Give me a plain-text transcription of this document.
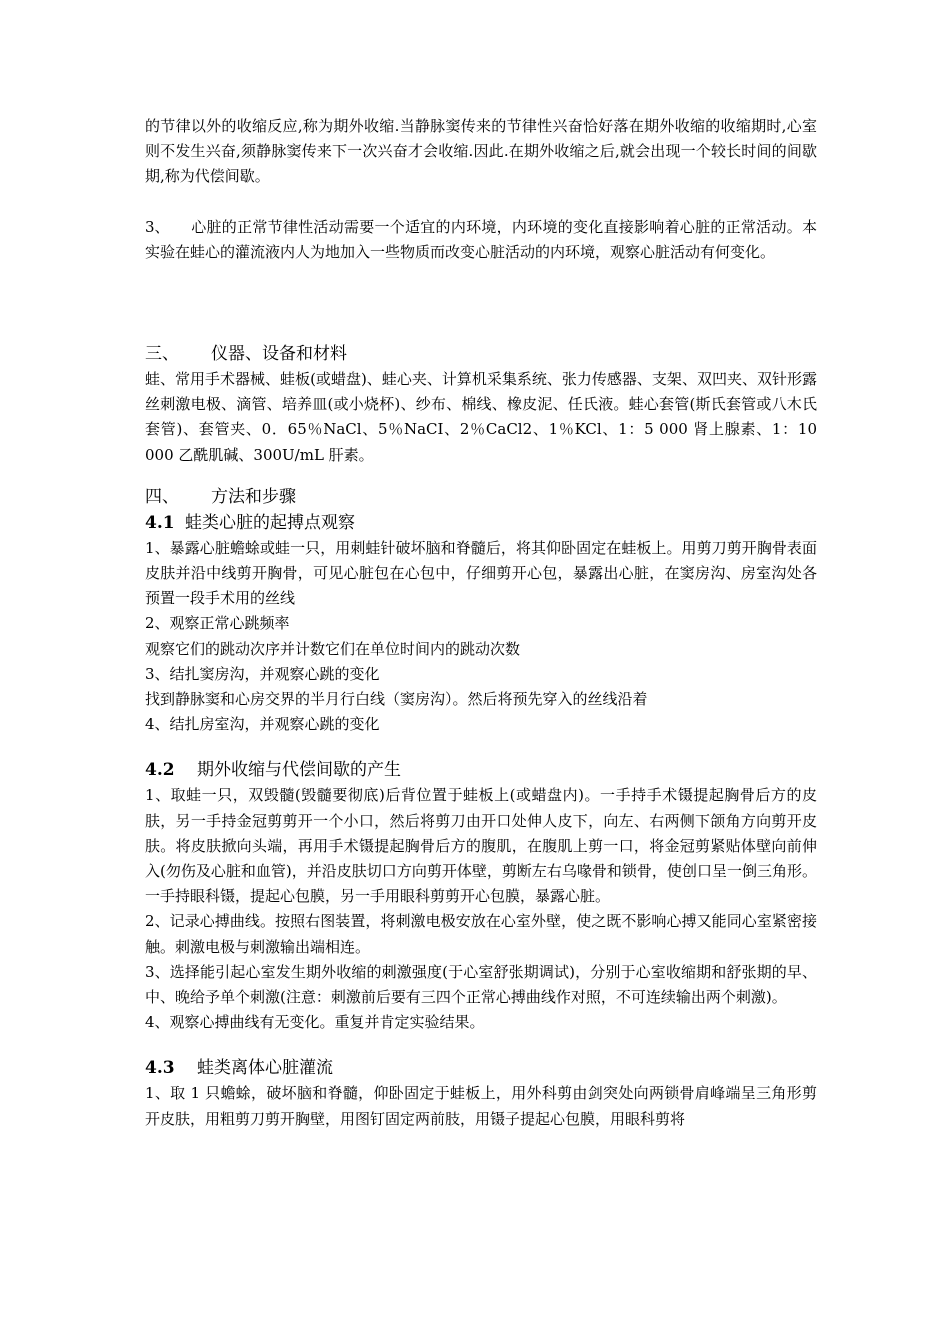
的节律以外的收缩反应,称为期外收缩.当静脉窦传来的节律性兴奋恰好落在期外收缩的收缩期时,心室则不发生兴奋,须静脉窦传来下一次兴奋才会收缩.因此.在期外收缩之后,就会出现一个较长时间的间歇期,称为代偿间歇。

3、 心脏的正常节律性活动需要一个适宜的内环境，内环境的变化直接影响着心脏的正常活动。本实验在蛙心的灌流液内人为地加入一些物质而改变心脏活动的内环境，观察心脏活动有何变化。

三、 仪器、设备和材料

蛙、常用手术器械、蛙板(或蜡盘)、蛙心夹、计算机采集系统、张力传感器、支架、双凹夹、双针形露丝刺激电极、滴管、培养皿(或小烧杯)、纱布、棉线、橡皮泥、任氏液。蛙心套管(斯氏套管或八木氏套管)、套管夹、0．65％NaCl、5％NaCI、2％CaCl2、1％KCl、1：5 000 肾上腺素、1：10 000 乙酰肌碱、300U/mL 肝素。

四、 方法和步骤

4.1 蛙类心脏的起搏点观察

1、暴露心脏蟾蜍或蛙一只，用刺蛙针破坏脑和脊髓后，将其仰卧固定在蛙板上。用剪刀剪开胸骨表面皮肤并沿中线剪开胸骨，可见心脏包在心包中，仔细剪开心包，暴露出心脏，在窦房沟、房室沟处各预置一段手术用的丝线

2、观察正常心跳频率

观察它们的跳动次序并计数它们在单位时间内的跳动次数

3、结扎窦房沟，并观察心跳的变化

找到静脉窦和心房交界的半月行白线（窦房沟）。然后将预先穿入的丝线沿着

4、结扎房室沟，并观察心跳的变化

4.2 期外收缩与代偿间歇的产生

1、取蛙一只，双毁髓(毁髓要彻底)后背位置于蛙板上(或蜡盘内)。一手持手术镊提起胸骨后方的皮肤，另一手持金冠剪剪开一个小口，然后将剪刀由开口处伸人皮下，向左、右两侧下颌角方向剪开皮肤。将皮肤掀向头端，再用手术镊提起胸骨后方的腹肌，在腹肌上剪一口，将金冠剪紧贴体壁向前伸入(勿伤及心脏和血管)，并沿皮肤切口方向剪开体壁，剪断左右乌喙骨和锁骨，使创口呈一倒三角形。一手持眼科镊，提起心包膜，另一手用眼科剪剪开心包膜，暴露心脏。

2、记录心搏曲线。按照右图装置，将刺激电极安放在心室外壁，使之既不影响心搏又能同心室紧密接触。刺激电极与刺激输出端相连。

3、选择能引起心室发生期外收缩的刺激强度(于心室舒张期调试)，分别于心室收缩期和舒张期的早、中、晚给予单个刺激(注意：刺激前后要有三四个正常心搏曲线作对照，不可连续输出两个刺激)。

4、观察心搏曲线有无变化。重复并肯定实验结果。

4.3 蛙类离体心脏灌流

1、取 1 只蟾蜍，破坏脑和脊髓，仰卧固定于蛙板上，用外科剪由剑突处向两锁骨肩峰端呈三角形剪开皮肤，用粗剪刀剪开胸壁，用图钉固定两前肢，用镊子提起心包膜，用眼科剪将
